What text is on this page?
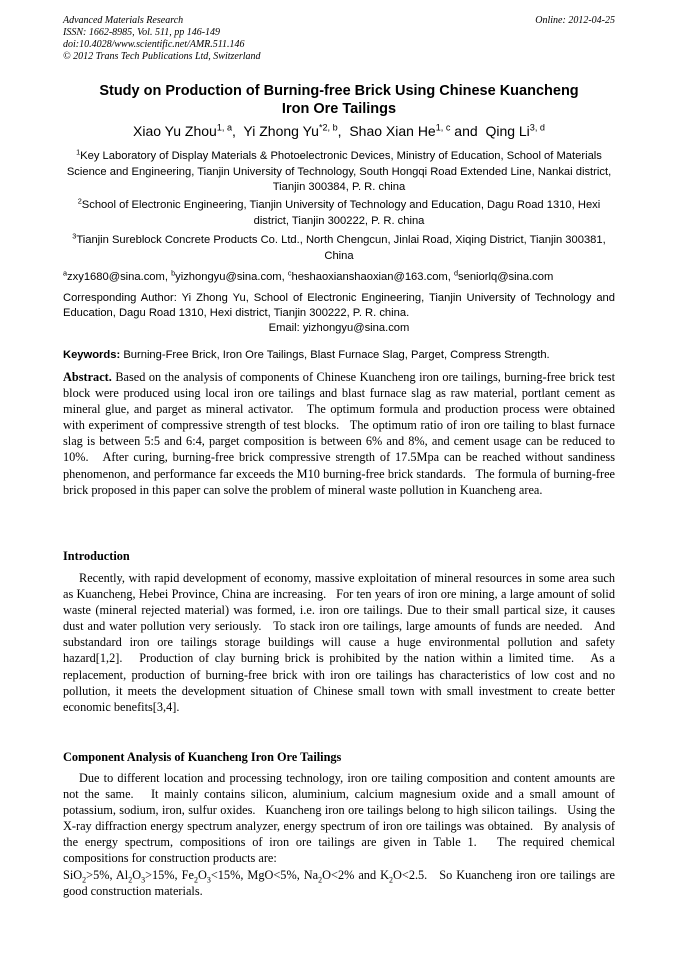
Advanced Materials Research
ISSN: 1662-8985, Vol. 511, pp 146-149
doi:10.4028/www.scientific.net/AMR.511.146
© 2012 Trans Tech Publications Ltd, Switzerland
Online: 2012-04-25
Study on Production of Burning-free Brick Using Chinese Kuancheng
Iron Ore Tailings
Xiao Yu Zhou$^{1, a}$,  Yi Zhong Yu$^{*2, b}$,  Shao Xian He$^{1, c}$ and  Qing Li$^{3, d}$
$^1$Key Laboratory of Display Materials & Photoelectronic Devices, Ministry of Education, School of Materials Science and Engineering, Tianjin University of Technology, South Hongqi Road Extended Line, Nankai district, Tianjin 300384, P. R. china
$^2$School of Electronic Engineering, Tianjin University of Technology and Education, Dagu Road 1310, Hexi district, Tianjin 300222, P. R. china
$^3$Tianjin Sureblock Concrete Products Co. Ltd., North Chengcun, Jinlai Road, Xiqing District, Tianjin 300381, China
$^a$zxy1680@sina.com, $^b$yizhongyu@sina.com, $^c$heshaoxianshaoxian@163.com, $^d$seniorlq@sina.com
Corresponding Author: Yi Zhong Yu, School of Electronic Engineering, Tianjin University of Technology and Education, Dagu Road 1310, Hexi district, Tianjin 300222, P. R. china.
Email: yizhongyu@sina.com
Keywords: Burning-Free Brick, Iron Ore Tailings, Blast Furnace Slag, Parget, Compress Strength.

Abstract. Based on the analysis of components of Chinese Kuancheng iron ore tailings, burning-free brick test block were produced using local iron ore tailings and blast furnace slag as raw material, portlant cement as mineral glue, and parget as mineral activator.   The optimum formula and production process were obtained with experiment of compressive strength of test blocks.   The optimum ratio of iron ore tailing to blast furnace slag is between 5:5 and 6:4, parget composition is between 6% and 8%, and cement usage can be reduced to 10%.   After curing, burning-free brick compressive strength of 17.5Mpa can be reached without sandiness phenomenon, and performance far exceeds the M10 burning-free brick standards.   The formula of burning-free brick proposed in this paper can solve the problem of mineral waste pollution in Kuancheng area.

Introduction

Recently, with rapid development of economy, massive exploitation of mineral resources in some area such as Kuancheng, Hebei Province, China are increasing.   For ten years of iron ore mining, a large amount of solid waste (mineral rejected material) was formed, i.e. iron ore tailings. Due to their small partical size, it causes dust and water pollution very seriously.   To stack iron ore tailings, large amounts of funds are needed.   And substandard iron ore tailings storage buildings will cause a huge environmental pollution and safety hazard[1,2].   Production of clay burning brick is prohibited by the nation within a limited time.   As a replacement, production of burning-free brick with iron ore tailings has characteristics of low cost and no pollution, it meets the development situation of Chinese small town with small investment to create better economic benefits[3,4].

Component Analysis of Kuancheng Iron Ore Tailings

Due to different location and processing technology, iron ore tailing composition and content amounts are not the same.   It mainly contains silicon, aluminium, calcium magnesium oxide and a small amount of potassium, sodium, iron, sulfur oxides.   Kuancheng iron ore tailings belong to high silicon tailings.   Using the X-ray diffraction energy spectrum analyzer, energy spectrum of iron ore tailings was obtained.   By analysis of the energy spectrum, compositions of iron ore tailings are given in Table 1.   The required chemical compositions for construction products are:
SiO$_2$>5%, $Al_2O_3>15\%$, $Fe_2O_3<15\%$, MgO<5%, $Na_2O<2\%$ and $K_2O<2.5$.   So Kuancheng iron ore tailings are good construction materials.
